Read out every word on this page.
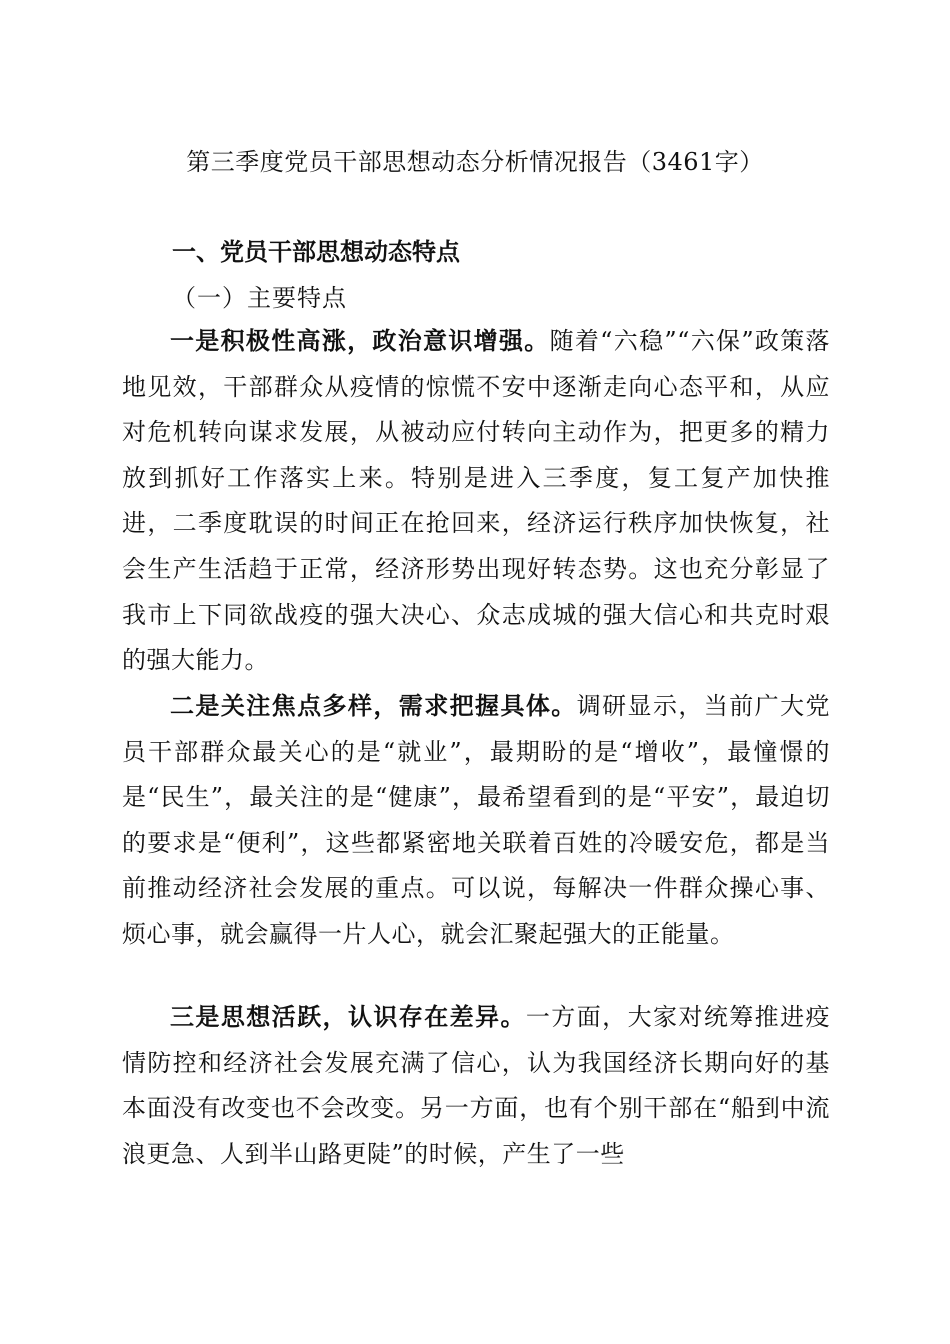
第三季度党员干部思想动态分析情况报告（3461字）
一、党员干部思想动态特点
（一）主要特点

一是积极性高涨，政治意识增强。随着“六稳”“六保”政策落地见效，干部群众从疫情的惊慌不安中逐渐走向心态平和，从应对危机转向谋求发展，从被动应付转向主动作为，把更多的精力放到抓好工作落实上来。特别是进入三季度，复工复产加快推进，二季度耽误的时间正在抢回来，经济运行秩序加快恢复，社会生产生活趋于正常，经济形势出现好转态势。这也充分彰显了我市上下同欲战疫的强大决心、众志成城的强大信心和共克时艰的强大能力。

二是关注焦点多样，需求把握具体。调研显示，当前广大党员干部群众最关心的是“就业”，最期盼的是“增收”，最憧憬的是“民生”，最关注的是“健康”，最希望看到的是“平安”，最迫切的要求是“便利”，这些都紧密地关联着百姓的冷暖安危，都是当前推动经济社会发展的重点。可以说，每解决一件群众操心事、烦心事，就会赢得一片人心，就会汇聚起强大的正能量。

三是思想活跃，认识存在差异。一方面，大家对统筹推进疫情防控和经济社会发展充满了信心，认为我国经济长期向好的基本面没有改变也不会改变。另一方面，也有个别干部在“船到中流浪更急、人到半山路更陡”的时候，产生了一些
